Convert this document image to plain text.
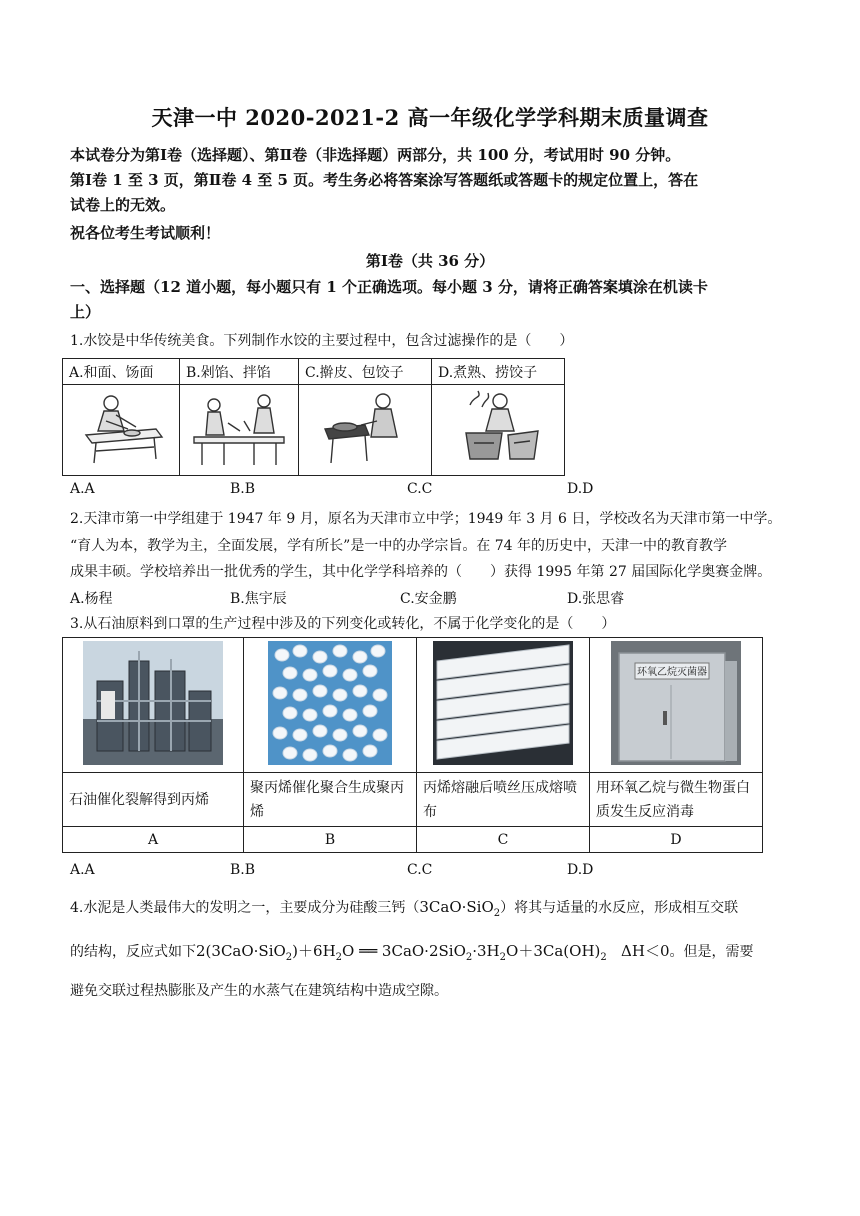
天津一中 2020-2021-2 高一年级化学学科期末质量调查
本试卷分为第Ⅰ卷（选择题）、第Ⅱ卷（非选择题）两部分，共 100 分，考试用时 90 分钟。
第Ⅰ卷 1 至 3 页，第Ⅱ卷 4 至 5 页。考生务必将答案涂写答题纸或答题卡的规定位置上，答在
试卷上的无效。
祝各位考生考试顺利！
第Ⅰ卷（共 36 分）
一、选择题（12 道小题，每小题只有 1 个正确选项。每小题 3 分，请将正确答案填涂在机读卡
上）
1.水饺是中华传统美食。下列制作水饺的主要过程中，包含过滤操作的是（　　）
A.和面、饧面	B.剁馅、拌馅	C.擀皮、包饺子	D.煮熟、捞饺子

A.A	B.B	C.C	D.D
2.天津市第一中学组建于 1947 年 9 月，原名为天津市立中学；1949 年 3 月 6 日，学校改名为天津市第一中学。
“育人为本，教学为主，全面发展，学有所长”是一中的办学宗旨。在 74 年的历史中，天津一中的教育教学
成果丰硕。学校培养出一批优秀的学生，其中化学学科培养的（　　）获得 1995 年第 27 届国际化学奥赛金牌。
A.杨程	B.焦宇辰	C.安金鹏	D.张思睿
3.从石油原料到口罩的生产过程中涉及的下列变化或转化，不属于化学变化的是（　　）

环氧乙烷灭菌器

石油催化裂解得到丙烯	聚丙烯催化聚合生成聚丙烯	丙烯熔融后喷丝压成熔喷布	用环氧乙烷与微生物蛋白质发生反应消毒
A	B	C	D
A.A	B.B	C.C	D.D
4.水泥是人类最伟大的发明之一，主要成分为硅酸三钙（3CaO·SiO$_2$）将其与适量的水反应，形成相互交联
的结构，反应式如下$2(3CaO\cdot SiO_2)+6H_2O$ ══ $3CaO\cdot 2SiO_2\cdot 3H_2O+3Ca(OH)_2$   ΔH＜0。但是，需要
避免交联过程热膨胀及产生的水蒸气在建筑结构中造成空隙。
